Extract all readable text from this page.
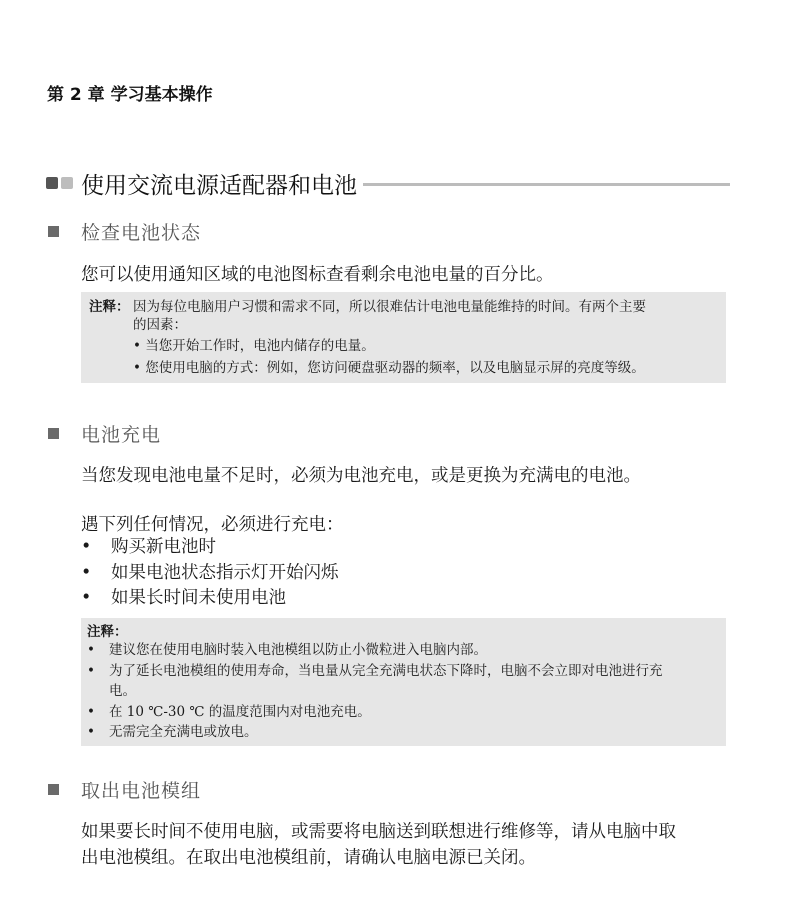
第 2 章 学习基本操作
使用交流电源适配器和电池
检查电池状态
您可以使用通知区域的电池图标查看剩余电池电量的百分比。
注释： 因为每位电脑用户习惯和需求不同，所以很难估计电池电量能维持的时间。有两个主要
的因素：
• 当您开始工作时，电池内储存的电量。
• 您使用电脑的方式：例如，您访问硬盘驱动器的频率，以及电脑显示屏的亮度等级。
电池充电
当您发现电池电量不足时，必须为电池充电，或是更换为充满电的电池。
遇下列任何情况，必须进行充电：
• 购买新电池时
• 如果电池状态指示灯开始闪烁
• 如果长时间未使用电池
注释：
• 建议您在使用电脑时装入电池模组以防止小微粒进入电脑内部。
• 为了延长电池模组的使用寿命，当电量从完全充满电状态下降时，电脑不会立即对电池进行充
电。
• 在 10 ℃-30 ℃ 的温度范围内对电池充电。
• 无需完全充满电或放电。
取出电池模组
如果要长时间不使用电脑，或需要将电脑送到联想进行维修等，请从电脑中取
出电池模组。在取出电池模组前，请确认电脑电源已关闭。
